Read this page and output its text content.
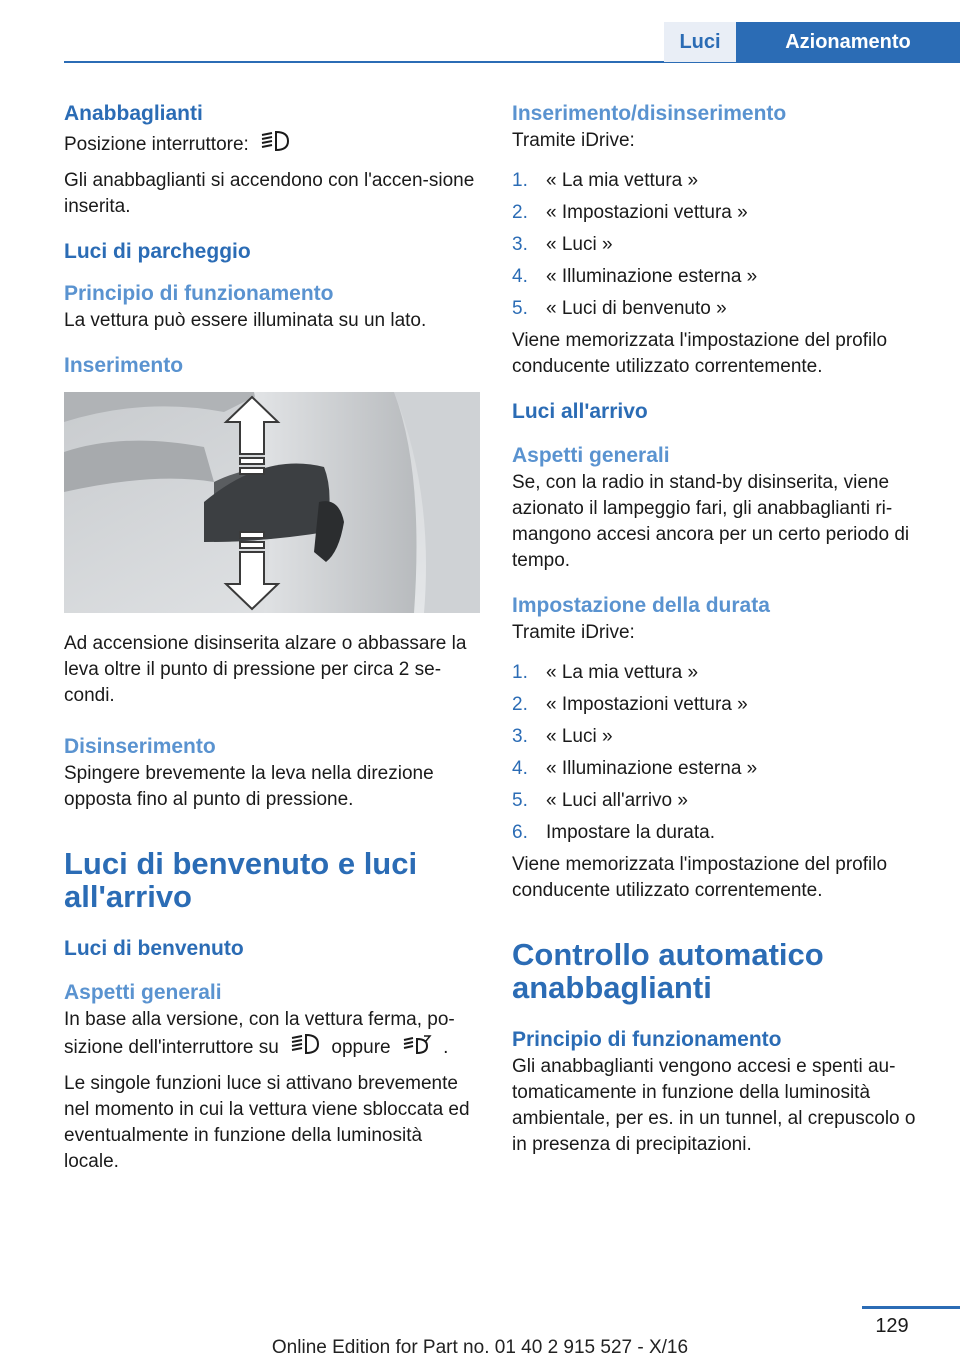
Luci	Azionamento
Anabbaglianti

Posizione interruttore:

Gli anabbaglianti si accendono con l'accen-sione inserita.

Luci di parcheggio
Principio di funzionamento

La vettura può essere illuminata su un lato.

Inserimento

Ad accensione disinserita alzare o abbassare la leva oltre il punto di pressione per circa 2 se-condi.

Disinserimento

Spingere brevemente la leva nella direzione opposta fino al punto di pressione.

Luci di benvenuto e luci all'arrivo
Luci di benvenuto
Aspetti generali

In base alla versione, con la vettura ferma, po-sizione dell'interruttore su	oppure	.

Le singole funzioni luce si attivano brevemente nel momento in cui la vettura viene sbloccata ed eventualmente in funzione della luminosità locale.

Inserimento/disinserimento

Tramite iDrive:

1. « La mia vettura »
2. « Impostazioni vettura »
3. « Luci »
4. « Illuminazione esterna »
5. « Luci di benvenuto »

Viene memorizzata l'impostazione del profilo conducente utilizzato correntemente.

Luci all'arrivo
Aspetti generali

Se, con la radio in stand-by disinserita, viene azionato il lampeggio fari, gli anabbaglianti ri-mangono accesi ancora per un certo periodo di tempo.

Impostazione della durata

Tramite iDrive:

1. « La mia vettura »
2. « Impostazioni vettura »
3. « Luci »
4. « Illuminazione esterna »
5. « Luci all'arrivo »
6. Impostare la durata.

Viene memorizzata l'impostazione del profilo conducente utilizzato correntemente.

Controllo automatico anabbaglianti
Principio di funzionamento

Gli anabbaglianti vengono accesi e spenti au-tomaticamente in funzione della luminosità ambientale, per es. in un tunnel, al crepuscolo o in presenza di precipitazioni.

129
Online Edition for Part no. 01 40 2 915 527 - X/16
